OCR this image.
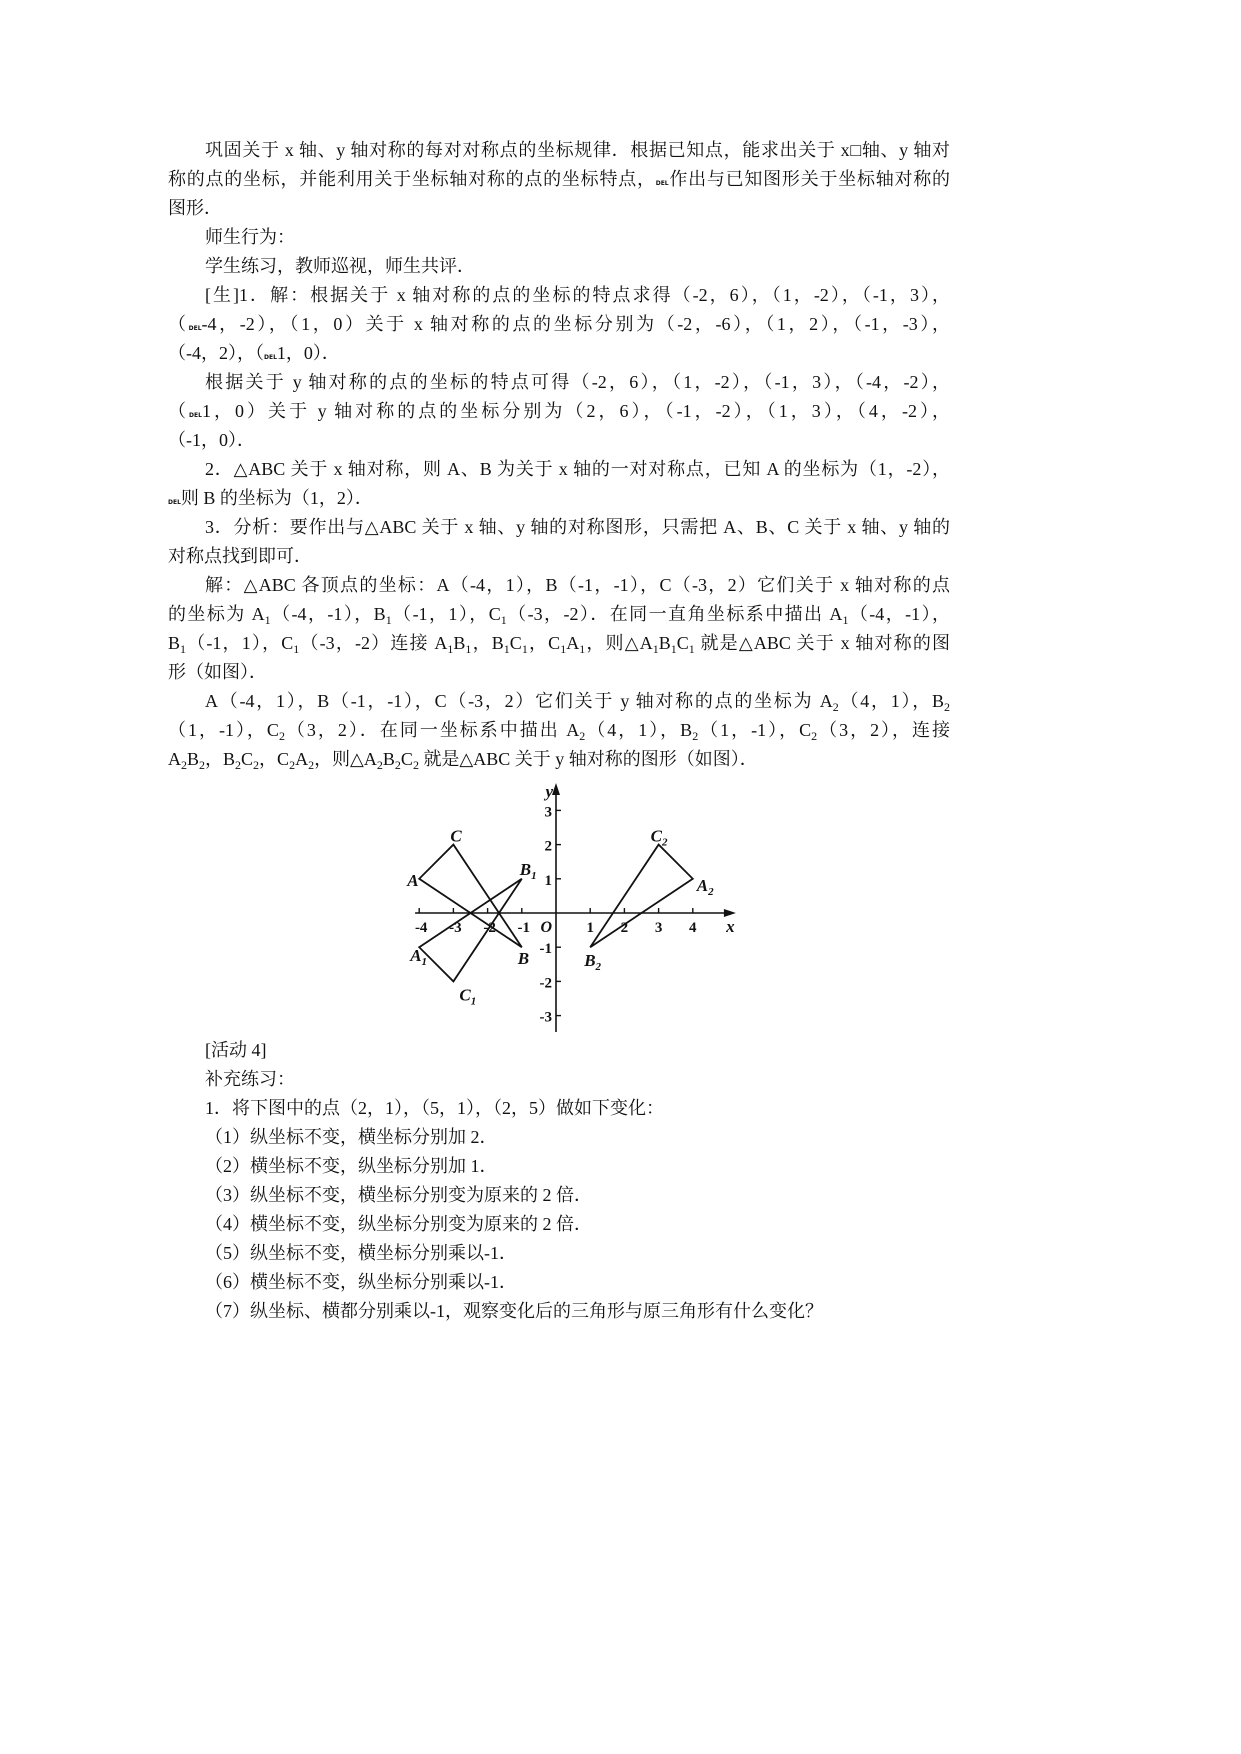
巩固关于 x 轴、y 轴对称的每对对称点的坐标规律．根据已知点，能求出关于 x□轴、y 轴对
称的点的坐标，并能利用关于坐标轴对称的点的坐标特点，DEL作出与已知图形关于坐标轴对称的
图形．
师生行为：
学生练习，教师巡视，师生共评．
[生]1．解：根据关于 x 轴对称的点的坐标的特点求得（-2，6），（1，-2），（-1，3），
（DEL-4，-2），（1，0）关于 x 轴对称的点的坐标分别为（-2，-6），（1，2），（-1，-3），
（-4，2），（DEL1，0）．
根据关于 y 轴对称的点的坐标的特点可得（-2，6），（1，-2），（-1，3），（-4，-2），
（DEL1，0）关于 y 轴对称的点的坐标分别为（2，6），（-1，-2），（1，3），（4，-2），
（-1，0）．
2．△ABC 关于 x 轴对称，则 A、B 为关于 x 轴的一对对称点，已知 A 的坐标为（1，-2），
DEL则 B 的坐标为（1，2）．
3．分析：要作出与△ABC 关于 x 轴、y 轴的对称图形，只需把 A、B、C 关于 x 轴、y 轴的
对称点找到即可．
解：△ABC 各顶点的坐标：A（-4，1），B（-1，-1），C（-3，2）它们关于 x 轴对称的点
的坐标为 $A_1(-4$，-1），$B_1(-1$，1），$C_1(-3$，-2）．在同一直角坐标系中描出 $A_1(-4$，-1），
$B_1(-1$，1），$C_1(-3$，-2）连接 $A_1B_1$，$B_1C_1$，$C_1A_1$，则$\triangle A_1B_1C_1$ 就是△ABC 关于 x 轴对称的图
形（如图）．
A（-4，1），B（-1，-1），C（-3，2）它们关于 y 轴对称的点的坐标为 $A_2(4$，1），$B_2$
（1，-1），$C_2(3$，2）．在同一坐标系中描出 $A_2(4$，1），$B_2(1$，-1），$C_2(3$，2），连接
$A_2B_2$，$B_2C_2$，$C_2A_2$，则$\triangle A_2B_2C_2$ 就是△ABC 关于 y 轴对称的图形（如图）．
-4 -3 -2 -1	1 2 3 4
-3
-2
-1
1
2
3
O	x
y
A
B
C
$A_1$
$B_1$
$C_1$
$A_2$
$B_2$
$C_2$
[活动 4]
补充练习：
1．将下图中的点（2，1），（5，1），（2，5）做如下变化：
（1）纵坐标不变，横坐标分别加 2．
（2）横坐标不变，纵坐标分别加 1．
（3）纵坐标不变，横坐标分别变为原来的 2 倍．
（4）横坐标不变，纵坐标分别变为原来的 2 倍．
（5）纵坐标不变，横坐标分别乘以-1．
（6）横坐标不变，纵坐标分别乘以-1．
（7）纵坐标、横都分别乘以-1，观察变化后的三角形与原三角形有什么变化？
